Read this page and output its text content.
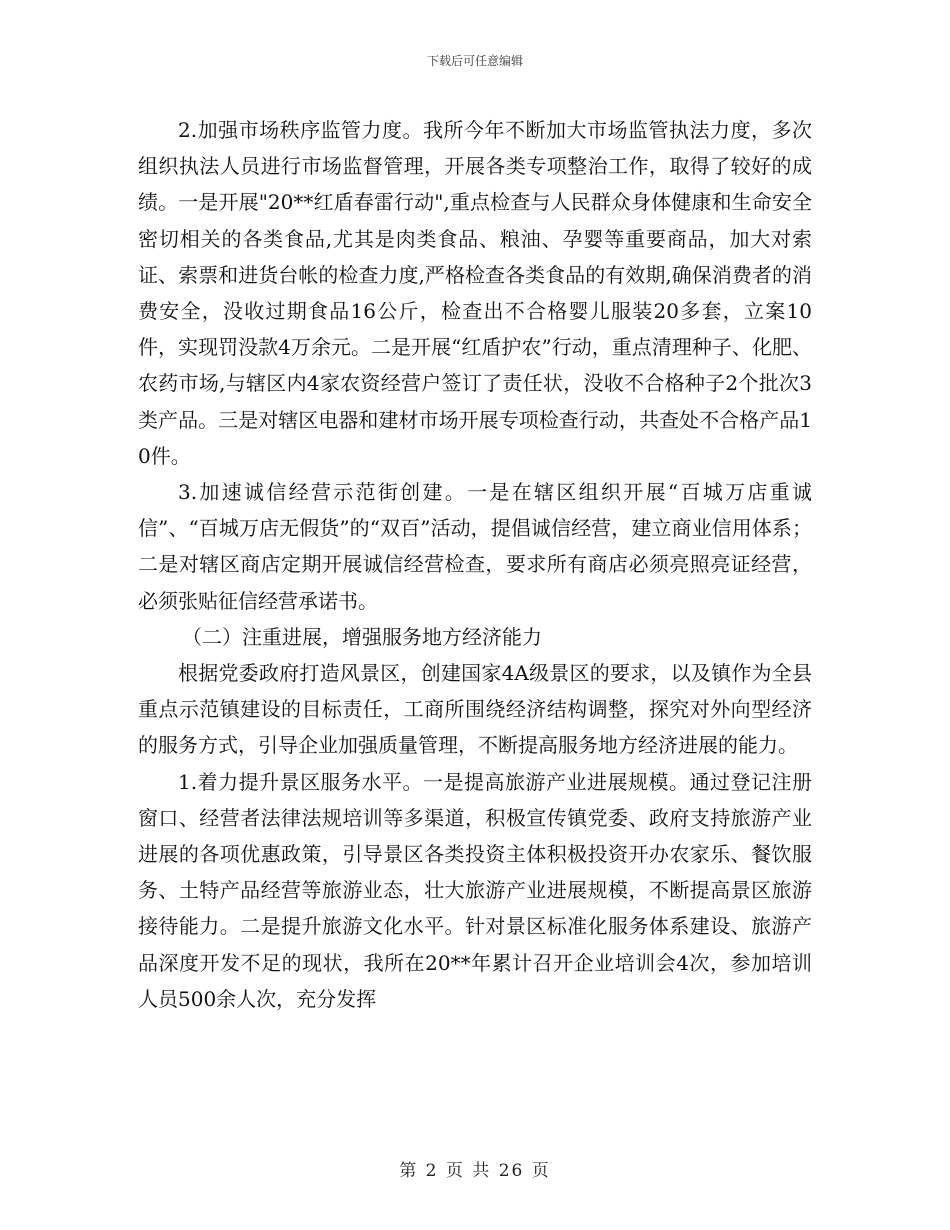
下载后可任意编辑

2.加强市场秩序监管力度。我所今年不断加大市场监管执法力度，多次组织执法人员进行市场监督管理，开展各类专项整治工作，取得了较好的成绩。一是开展"20**红盾春雷行动",重点检查与人民群众身体健康和生命安全密切相关的各类食品,尤其是肉类食品、粮油、孕婴等重要商品，加大对索证、索票和进货台帐的检查力度,严格检查各类食品的有效期,确保消费者的消费安全，没收过期食品16公斤，检查出不合格婴儿服装20多套，立案10件，实现罚没款4万余元。二是开展“红盾护农”行动，重点清理种子、化肥、农药市场,与辖区内4家农资经营户签订了责任状，没收不合格种子2个批次3类产品。三是对辖区电器和建材市场开展专项检查行动，共查处不合格产品10件。

3.加速诚信经营示范街创建。一是在辖区组织开展“百城万店重诚信”、“百城万店无假货”的“双百”活动，提倡诚信经营，建立商业信用体系；二是对辖区商店定期开展诚信经营检查，要求所有商店必须亮照亮证经营，必须张贴征信经营承诺书。

（二）注重进展，增强服务地方经济能力

根据党委政府打造风景区，创建国家4A级景区的要求，以及镇作为全县重点示范镇建设的目标责任，工商所围绕经济结构调整，探究对外向型经济的服务方式，引导企业加强质量管理，不断提高服务地方经济进展的能力。

1.着力提升景区服务水平。一是提高旅游产业进展规模。通过登记注册窗口、经营者法律法规培训等多渠道，积极宣传镇党委、政府支持旅游产业进展的各项优惠政策，引导景区各类投资主体积极投资开办农家乐、餐饮服务、土特产品经营等旅游业态，壮大旅游产业进展规模，不断提高景区旅游接待能力。二是提升旅游文化水平。针对景区标准化服务体系建设、旅游产品深度开发不足的现状，我所在20**年累计召开企业培训会4次，参加培训人员500余人次，充分发挥

第 2 页 共 26 页
